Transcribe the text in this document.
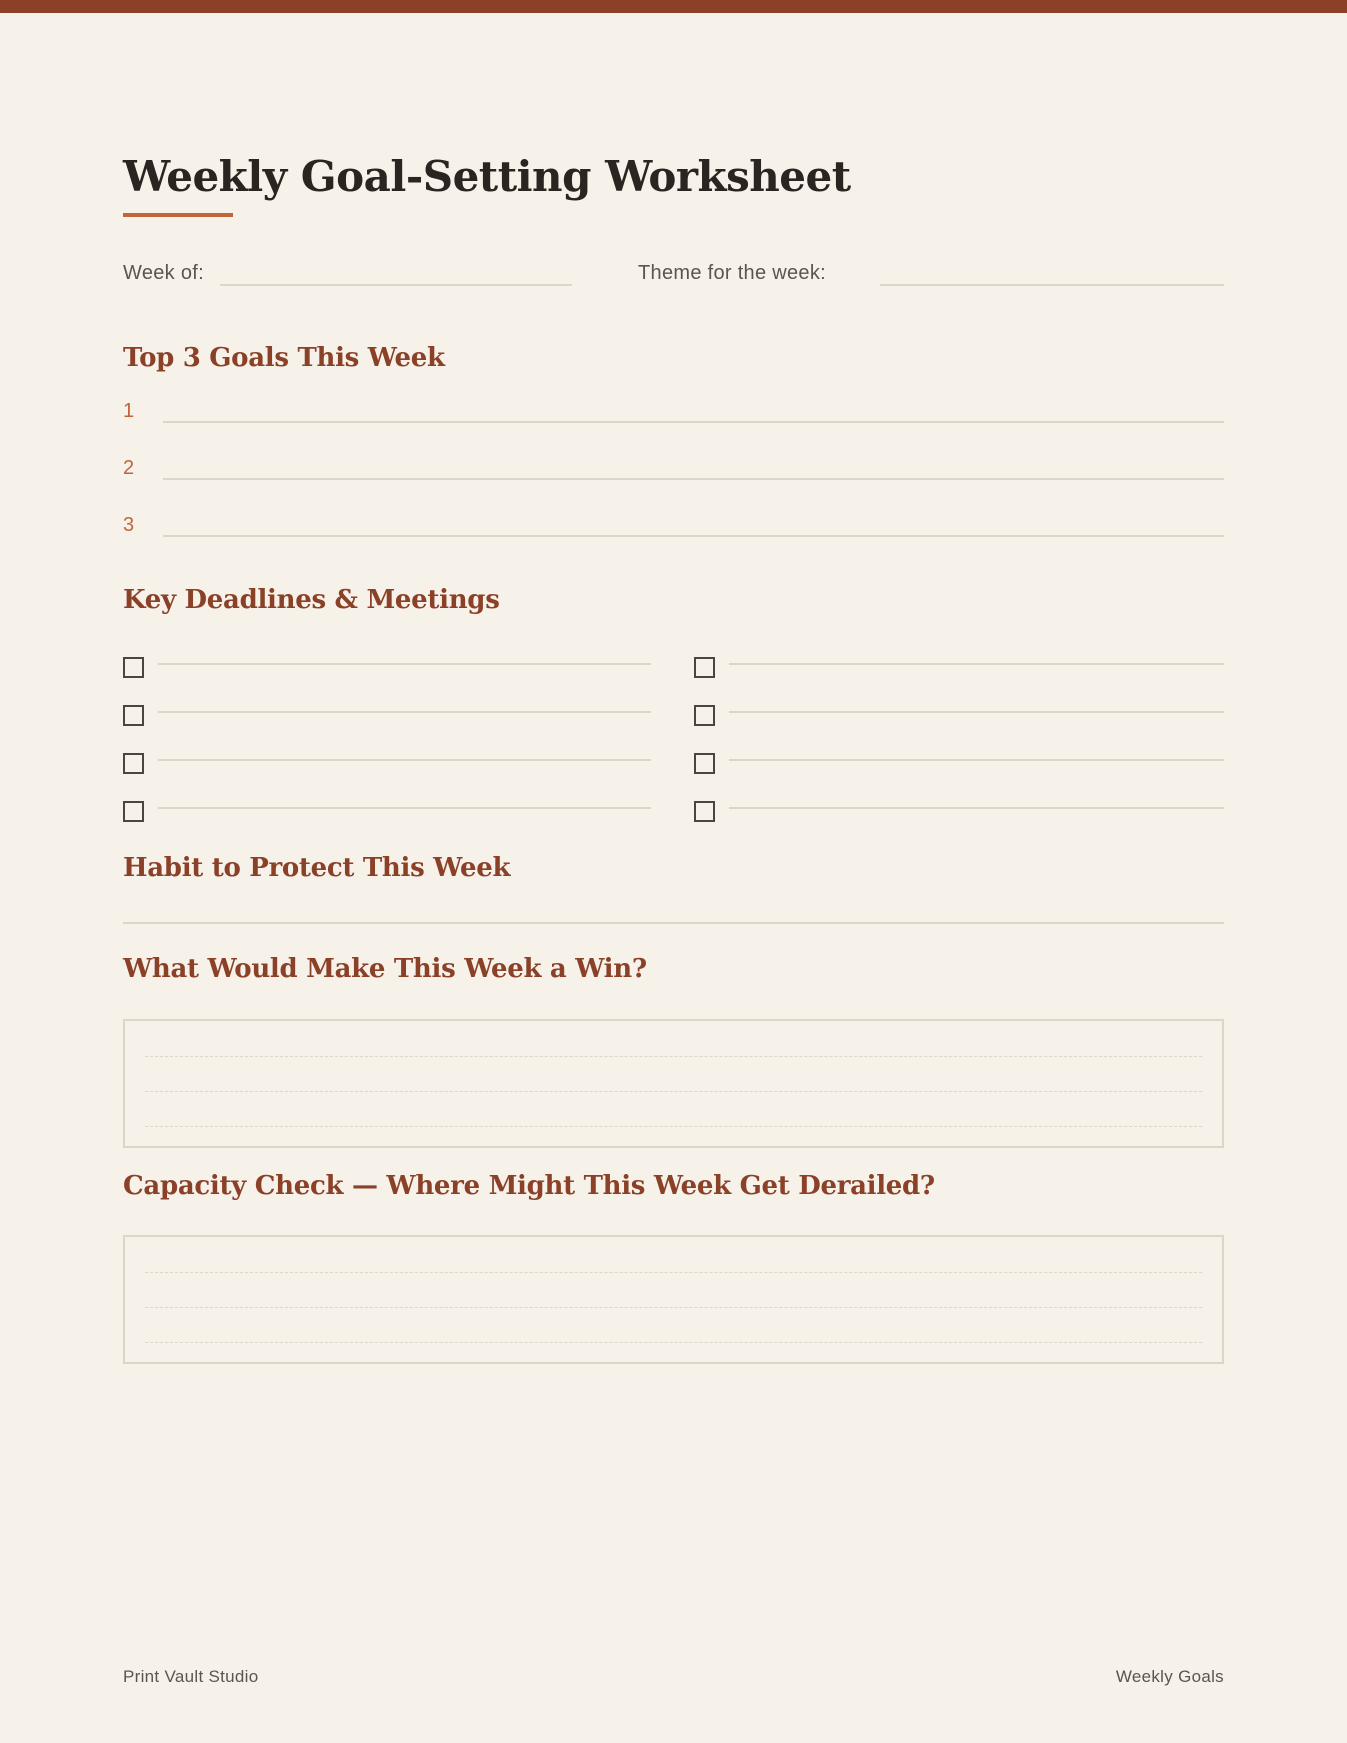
Weekly Goal-Setting Worksheet
Week of:	Theme for the week:
Top 3 Goals This Week
1
2
3
Key Deadlines & Meetings
Habit to Protect This Week
What Would Make This Week a Win?
Capacity Check — Where Might This Week Get Derailed?
Print Vault Studio	Weekly Goals
